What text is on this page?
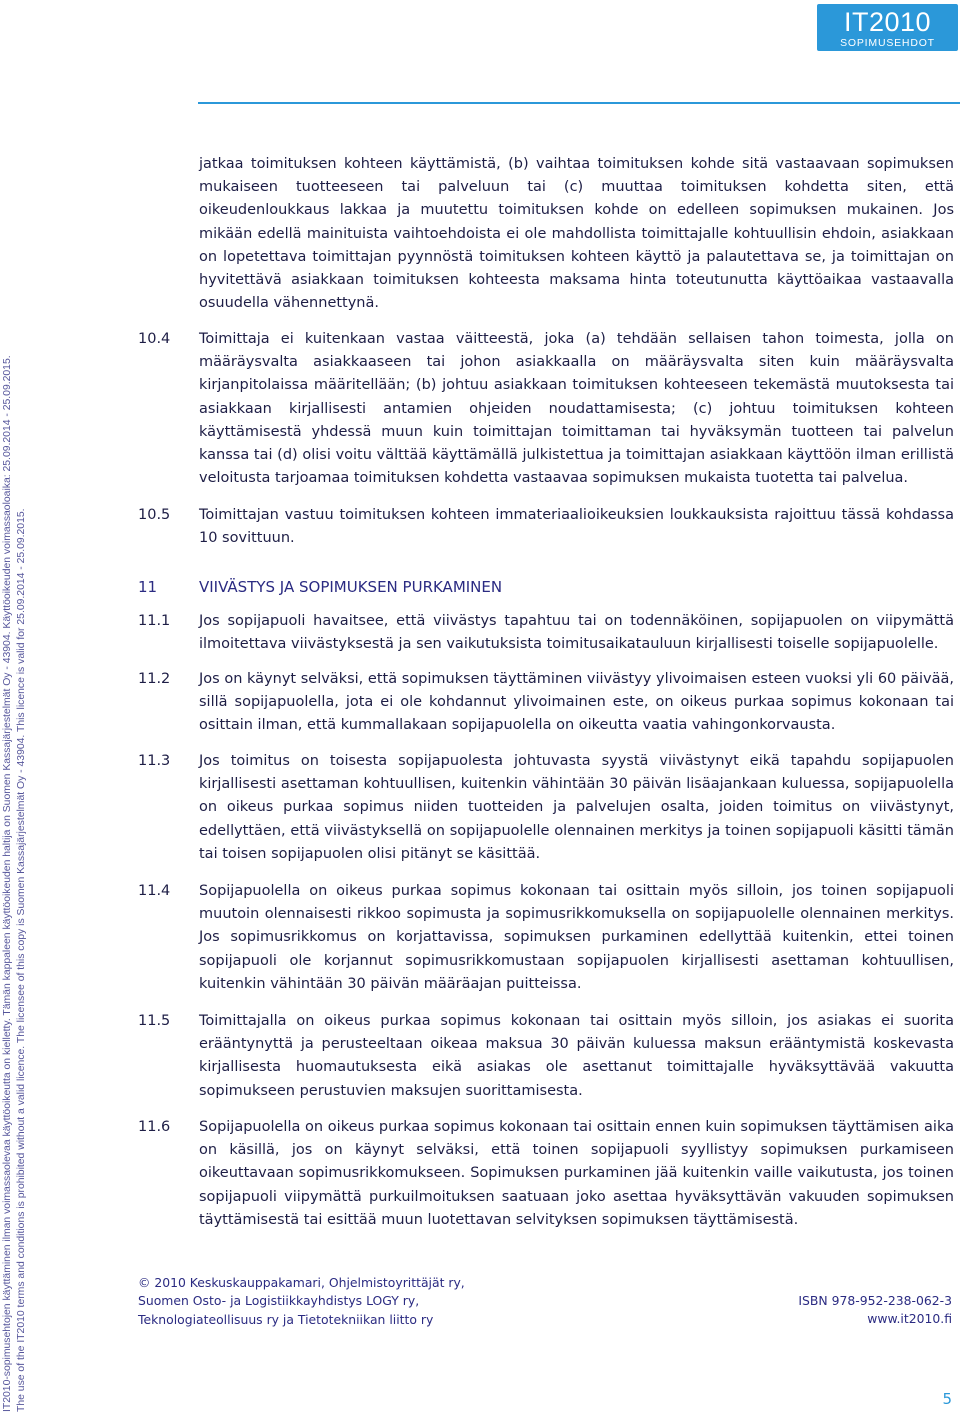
IT2010
SOPIMUSEHDOT
IT2010-sopimusehtojen käyttäminen ilman voimassaolevaa käyttöoikeutta on kielletty. Tämän kappaleen käyttöoikeuden haltija on Suomen Kassajärjestelmät Oy - 43904. Käyttöoikeuden voimassaoloaika: 25.09.2014 - 25.09.2015. The use of the IT2010 terms and conditions is prohibited without a valid licence. The licensee of this copy is Suomen Kassajärjestelmät Oy - 43904. This licence is valid for 25.09.2014 - 25.09.2015.

jatkaa toimituksen kohteen käyttämistä, (b) vaihtaa toimituksen kohde sitä vastaavaan sopimuksen mukaiseen tuotteeseen tai palveluun tai (c) muuttaa toimituksen kohdetta siten, että oikeudenloukkaus lakkaa ja muutettu toimituksen kohde on edelleen sopimuksen mukainen. Jos mikään edellä mainituista vaihtoehdoista ei ole mahdollista toimittajalle kohtuullisin ehdoin, asiakkaan on lopetettava toimittajan pyynnöstä toimituksen kohteen käyttö ja palautettava se, ja toimittajan on hyvitettävä asiakkaan toimituksen kohteesta maksama hinta toteutunutta käyttöaikaa vastaavalla osuudella vähennettynä.

10.4 Toimittaja ei kuitenkaan vastaa väitteestä, joka (a) tehdään sellaisen tahon toimesta, jolla on määräysvalta asiakkaaseen tai johon asiakkaalla on määräysvalta siten kuin määräysvalta kirjanpitolaissa määritellään; (b) johtuu asiakkaan toimituksen kohteeseen tekemästä muutoksesta tai asiakkaan kirjallisesti antamien ohjeiden noudattamisesta; (c) johtuu toimituksen kohteen käyttämisestä yhdessä muun kuin toimittajan toimittaman tai hyväksymän tuotteen tai palvelun kanssa tai (d) olisi voitu välttää käyttämällä julkistettua ja toimittajan asiakkaan käyttöön ilman erillistä veloitusta tarjoamaa toimituksen kohdetta vastaavaa sopimuksen mukaista tuotetta tai palvelua.

10.5 Toimittajan vastuu toimituksen kohteen immateriaalioikeuksien loukkauksista rajoittuu tässä kohdassa 10 sovittuun.

11	VIIVÄSTYS JA SOPIMUKSEN PURKAMINEN
11.1 Jos sopijapuoli havaitsee, että viivästys tapahtuu tai on todennäköinen, sopijapuolen on viipymättä ilmoitettava viivästyksestä ja sen vaikutuksista toimitusaikatauluun kirjallisesti toiselle sopijapuolelle.

11.2 Jos on käynyt selväksi, että sopimuksen täyttäminen viivästyy ylivoimaisen esteen vuoksi yli 60 päivää, sillä sopijapuolella, jota ei ole kohdannut ylivoimainen este, on oikeus purkaa sopimus kokonaan tai osittain ilman, että kummallakaan sopijapuolella on oikeutta vaatia vahingonkorvausta.

11.3 Jos toimitus on toisesta sopijapuolesta johtuvasta syystä viivästynyt eikä tapahdu sopijapuolen kirjallisesti asettaman kohtuullisen, kuitenkin vähintään 30 päivän lisäajankaan kuluessa, sopijapuolella on oikeus purkaa sopimus niiden tuotteiden ja palvelujen osalta, joiden toimitus on viivästynyt, edellyttäen, että viivästyksellä on sopijapuolelle olennainen merkitys ja toinen sopijapuoli käsitti tämän tai toisen sopijapuolen olisi pitänyt se käsittää.

11.4 Sopijapuolella on oikeus purkaa sopimus kokonaan tai osittain myös silloin, jos toinen sopijapuoli muutoin olennaisesti rikkoo sopimusta ja sopimusrikkomuksella on sopijapuolelle olennainen merkitys. Jos sopimusrikkomus on korjattavissa, sopimuksen purkaminen edellyttää kuitenkin, ettei toinen sopijapuoli ole korjannut sopimusrikkomustaan sopijapuolen kirjallisesti asettaman kohtuullisen, kuitenkin vähintään 30 päivän määräajan puitteissa.

11.5 Toimittajalla on oikeus purkaa sopimus kokonaan tai osittain myös silloin, jos asiakas ei suorita erääntynyttä ja perusteeltaan oikeaa maksua 30 päivän kuluessa maksun erääntymistä koskevasta kirjallisesta huomautuksesta eikä asiakas ole asettanut toimittajalle hyväksyttävää vakuutta sopimukseen perustuvien maksujen suorittamisesta.

11.6 Sopijapuolella on oikeus purkaa sopimus kokonaan tai osittain ennen kuin sopimuksen täyttämisen aika on käsillä, jos on käynyt selväksi, että toinen sopijapuoli syyllistyy sopimuksen purkamiseen oikeuttavaan sopimusrikkomukseen. Sopimuksen purkaminen jää kuitenkin vaille vaikutusta, jos toinen sopijapuoli viipymättä purkuilmoituksen saatuaan joko asettaa hyväksyttävän vakuuden sopimuksen täyttämisestä tai esittää muun luotettavan selvityksen sopimuksen täyttämisestä.

© 2010 Keskuskauppakamari, Ohjelmistoyrittäjät ry,
Suomen Osto- ja Logistiikkayhdistys LOGY ry,
Teknologiateollisuus ry ja Tietotekniikan liitto ry
ISBN 978-952-238-062-3
www.it2010.fi
5
